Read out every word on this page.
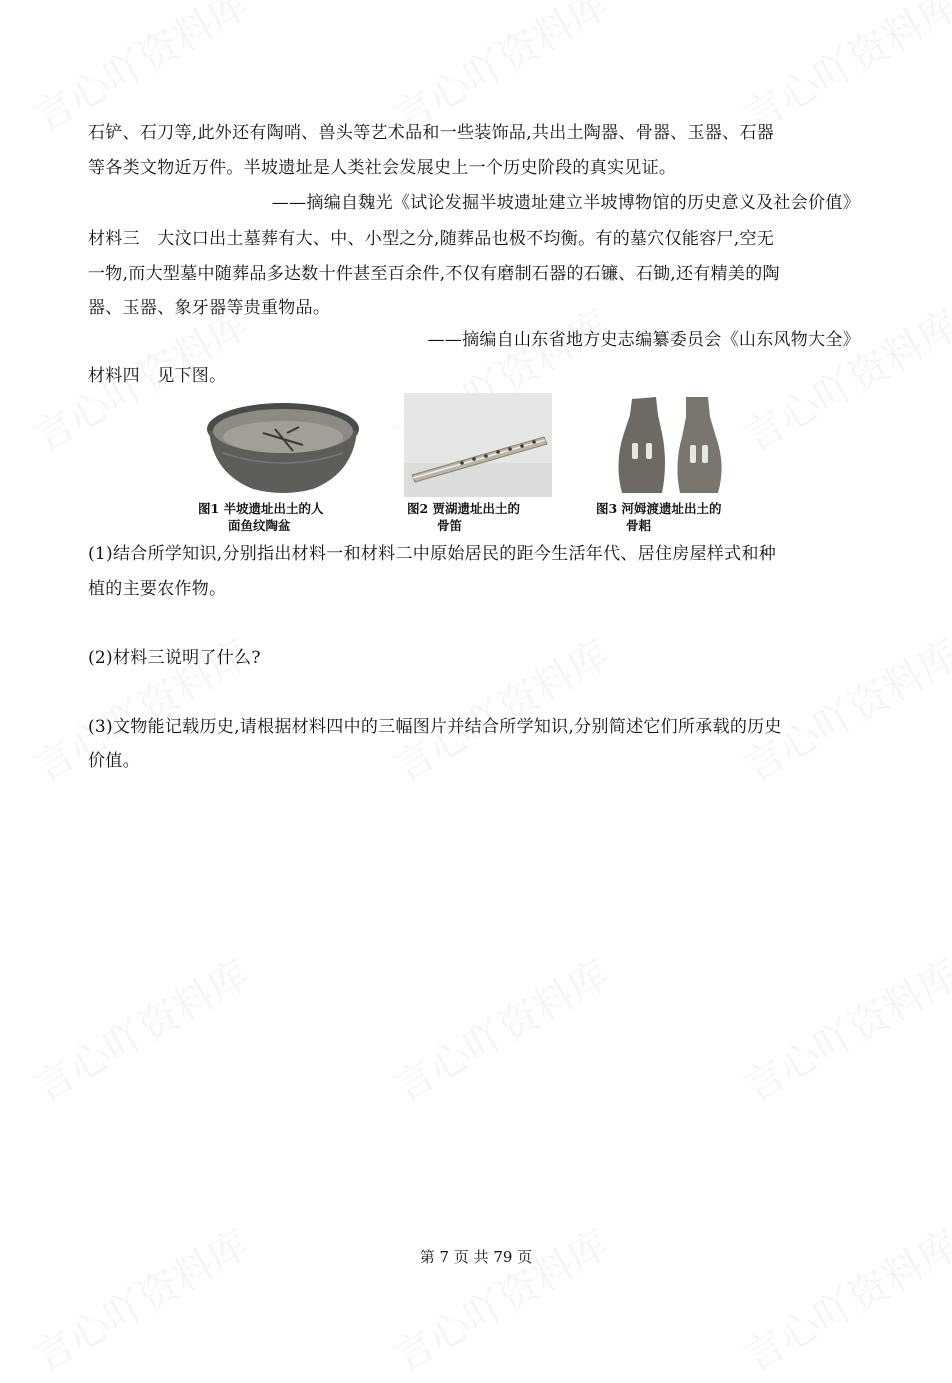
石铲、石刀等,此外还有陶哨、兽头等艺术品和一些装饰品,共出土陶器、骨器、玉器、石器
等各类文物近万件。半坡遗址是人类社会发展史上一个历史阶段的真实见证。
——摘编自魏光《试论发掘半坡遗址建立半坡博物馆的历史意义及社会价值》
材料三　大汶口出土墓葬有大、中、小型之分,随葬品也极不均衡。有的墓穴仅能容尸,空无
一物,而大型墓中随葬品多达数十件甚至百余件,不仅有磨制石器的石镰、石锄,还有精美的陶
器、玉器、象牙器等贵重物品。
——摘编自山东省地方史志编纂委员会《山东风物大全》
材料四　见下图。
图1 半坡遗址出土的人
面鱼纹陶盆
图2 贾湖遗址出土的
骨笛
图3 河姆渡遗址出土的
骨耜
(1)结合所学知识,分别指出材料一和材料二中原始居民的距今生活年代、居住房屋样式和种
植的主要农作物。
(2)材料三说明了什么?
(3)文物能记载历史,请根据材料四中的三幅图片并结合所学知识,分别简述它们所承载的历史
价值。
第 7 页 共 79 页
